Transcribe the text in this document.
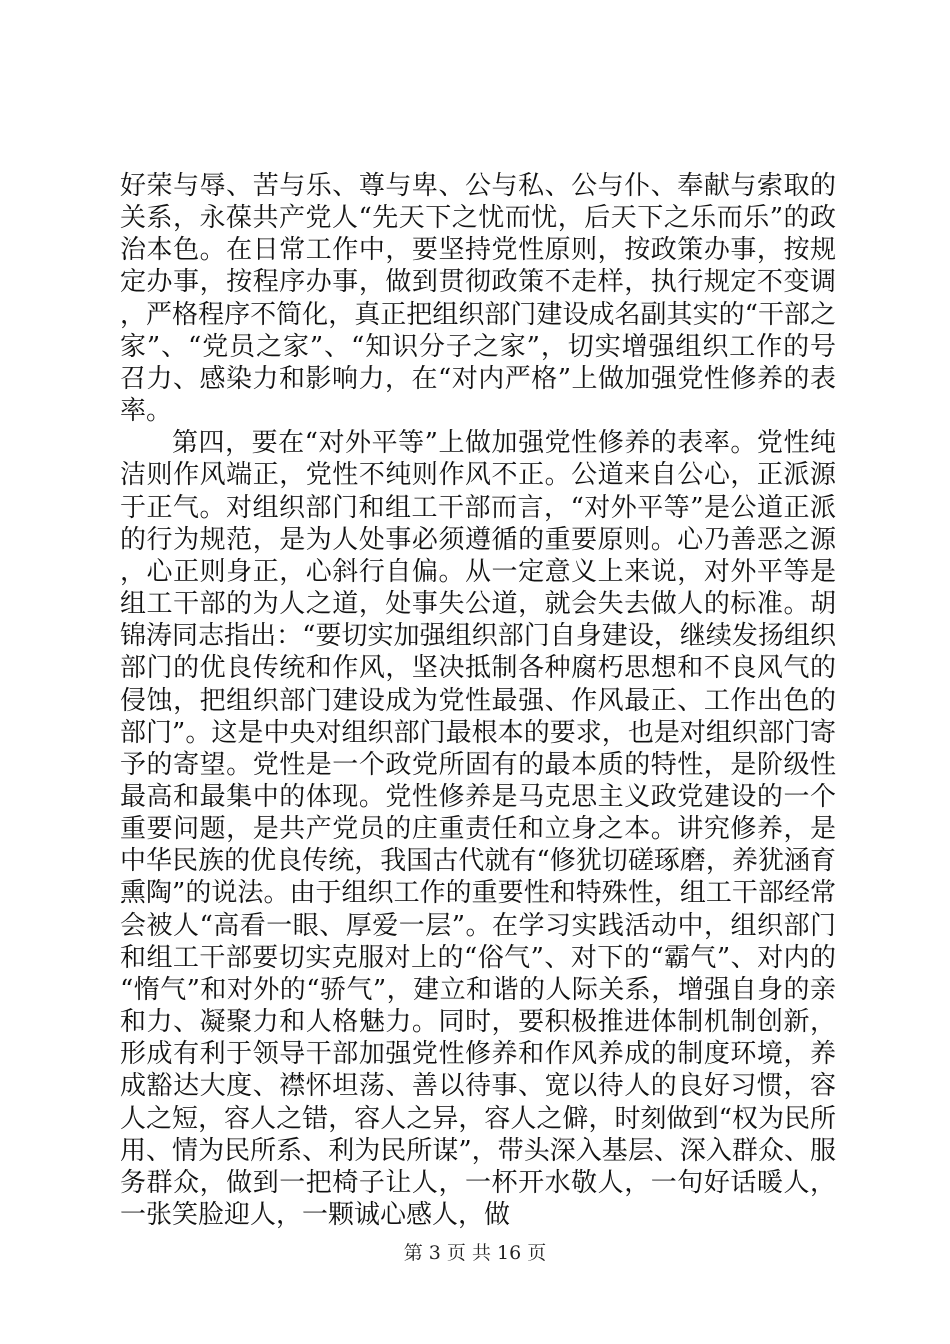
好荣与辱、苦与乐、尊与卑、公与私、公与仆、奉献与索取的关系，永葆共产党人“先天下之忧而忧，后天下之乐而乐”的政治本色。在日常工作中，要坚持党性原则，按政策办事，按规定办事，按程序办事，做到贯彻政策不走样，执行规定不变调，严格程序不简化，真正把组织部门建设成名副其实的“干部之家”、“党员之家”、“知识分子之家”，切实增强组织工作的号召力、感染力和影响力，在“对内严格”上做加强党性修养的表率。

第四，要在“对外平等”上做加强党性修养的表率。党性纯洁则作风端正，党性不纯则作风不正。公道来自公心，正派源于正气。对组织部门和组工干部而言，“对外平等”是公道正派的行为规范，是为人处事必须遵循的重要原则。心乃善恶之源，心正则身正，心斜行自偏。从一定意义上来说，对外平等是组工干部的为人之道，处事失公道，就会失去做人的标准。胡锦涛同志指出：“要切实加强组织部门自身建设，继续发扬组织部门的优良传统和作风，坚决抵制各种腐朽思想和不良风气的侵蚀，把组织部门建设成为党性最强、作风最正、工作出色的部门”。这是中央对组织部门最根本的要求，也是对组织部门寄予的寄望。党性是一个政党所固有的最本质的特性，是阶级性最高和最集中的体现。党性修养是马克思主义政党建设的一个重要问题，是共产党员的庄重责任和立身之本。讲究修养，是中华民族的优良传统，我国古代就有“修犹切磋琢磨，养犹涵育熏陶”的说法。由于组织工作的重要性和特殊性，组工干部经常会被人“高看一眼、厚爱一层”。在学习实践活动中，组织部门和组工干部要切实克服对上的“俗气”、对下的“霸气”、对内的“惰气”和对外的“骄气”，建立和谐的人际关系，增强自身的亲和力、凝聚力和人格魅力。同时，要积极推进体制机制创新，形成有利于领导干部加强党性修养和作风养成的制度环境，养成豁达大度、襟怀坦荡、善以待事、宽以待人的良好习惯，容人之短，容人之错，容人之异，容人之僻，时刻做到“权为民所用、情为民所系、利为民所谋”，带头深入基层、深入群众、服务群众，做到一把椅子让人，一杯开水敬人，一句好话暖人，一张笑脸迎人，一颗诚心感人，做

第 3 页 共 16 页
